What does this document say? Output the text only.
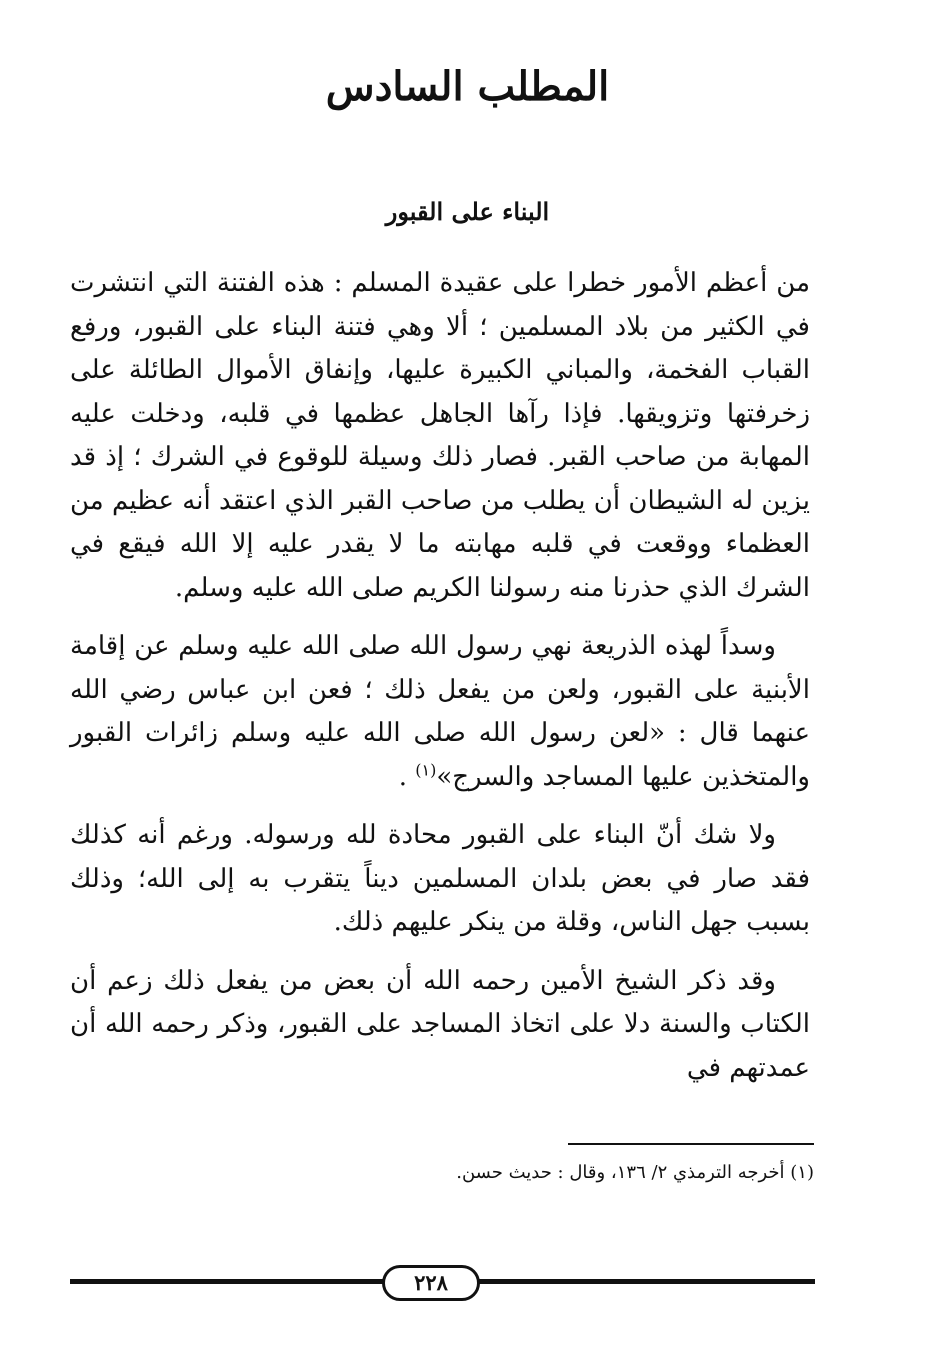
المطلب السادس
البناء على القبور

من أعظم الأمور خطرا على عقيدة المسلم : هذه الفتنة التي انتشرت في الكثير من بلاد المسلمين ؛ ألا وهي فتنة البناء على القبور، ورفع القباب الفخمة، والمباني الكبيرة عليها، وإنفاق الأموال الطائلة على زخرفتها وتزويقها. فإذا رآها الجاهل عظمها في قلبه، ودخلت عليه المهابة من صاحب القبر. فصار ذلك وسيلة للوقوع في الشرك ؛ إذ قد يزين له الشيطان أن يطلب من صاحب القبر الذي اعتقد أنه عظيم من العظماء ووقعت في قلبه مهابته ما لا يقدر عليه إلا الله فيقع في الشرك الذي حذرنا منه رسولنا الكريم صلى الله عليه وسلم.

وسداً لهذه الذريعة نهي رسول الله صلى الله عليه وسلم عن إقامة الأبنية على القبور، ولعن من يفعل ذلك ؛ فعن ابن عباس رضي الله عنهما قال : «لعن رسول الله صلى الله عليه وسلم زائرات القبور والمتخذين عليها المساجد والسرج»$^{(١)}$ .

ولا شك أنّ البناء على القبور محادة لله ورسوله. ورغم أنه كذلك فقد صار في بعض بلدان المسلمين ديناً يتقرب به إلى الله؛ وذلك بسبب جهل الناس، وقلة من ينكر عليهم ذلك.

وقد ذكر الشيخ الأمين رحمه الله أن بعض من يفعل ذلك زعم أن الكتاب والسنة دلا على اتخاذ المساجد على القبور، وذكر رحمه الله أن عمدتهم في

(١) أخرجه الترمذي ٢/ ١٣٦، وقال : حديث حسن.
٢٢٨
